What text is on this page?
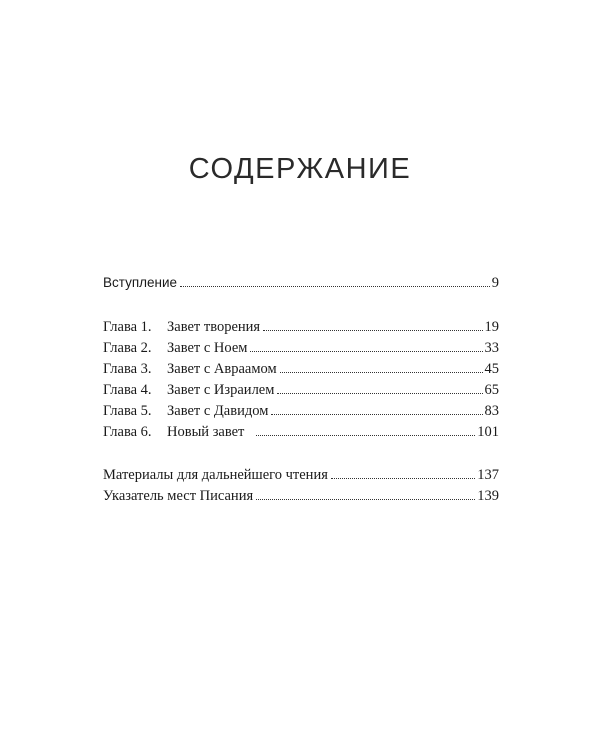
СОДЕРЖАНИЕ
Вступление	9
Глава 1.	Завет творения	19
Глава 2.	Завет с Ноем	33
Глава 3.	Завет с Авраамом	45
Глава 4.	Завет с Израилем	65
Глава 5.	Завет с Давидом	83
Глава 6.	Новый завет	101
Материалы для дальнейшего чтения	137
Указатель мест Писания	139
